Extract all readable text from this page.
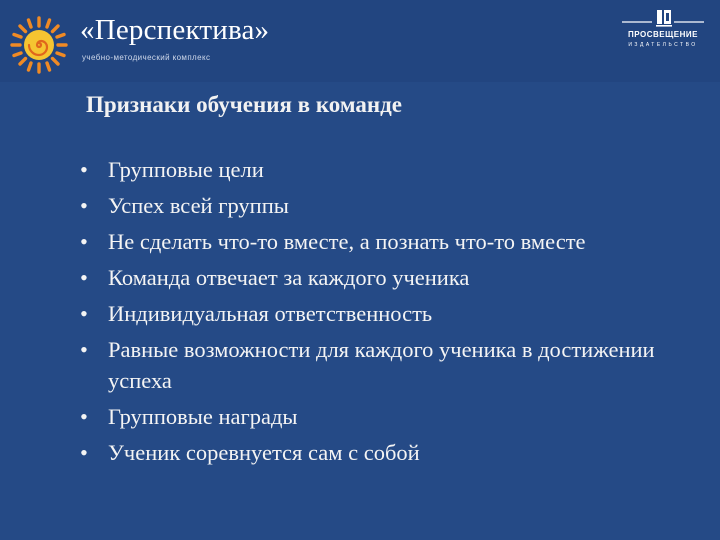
«Перспектива»
учебно-методический комплекс
ПРОСВЕЩЕНИЕ
ИЗДАТЕЛЬСТВО
Признаки обучения в команде
• Групповые цели
• Успех всей группы
• Не сделать что-то вместе, а познать что-то вместе
• Команда отвечает за каждого ученика
• Индивидуальная ответственность
• Равные возможности для каждого ученика в достижении успеха
• Групповые награды
• Ученик соревнуется сам с собой
